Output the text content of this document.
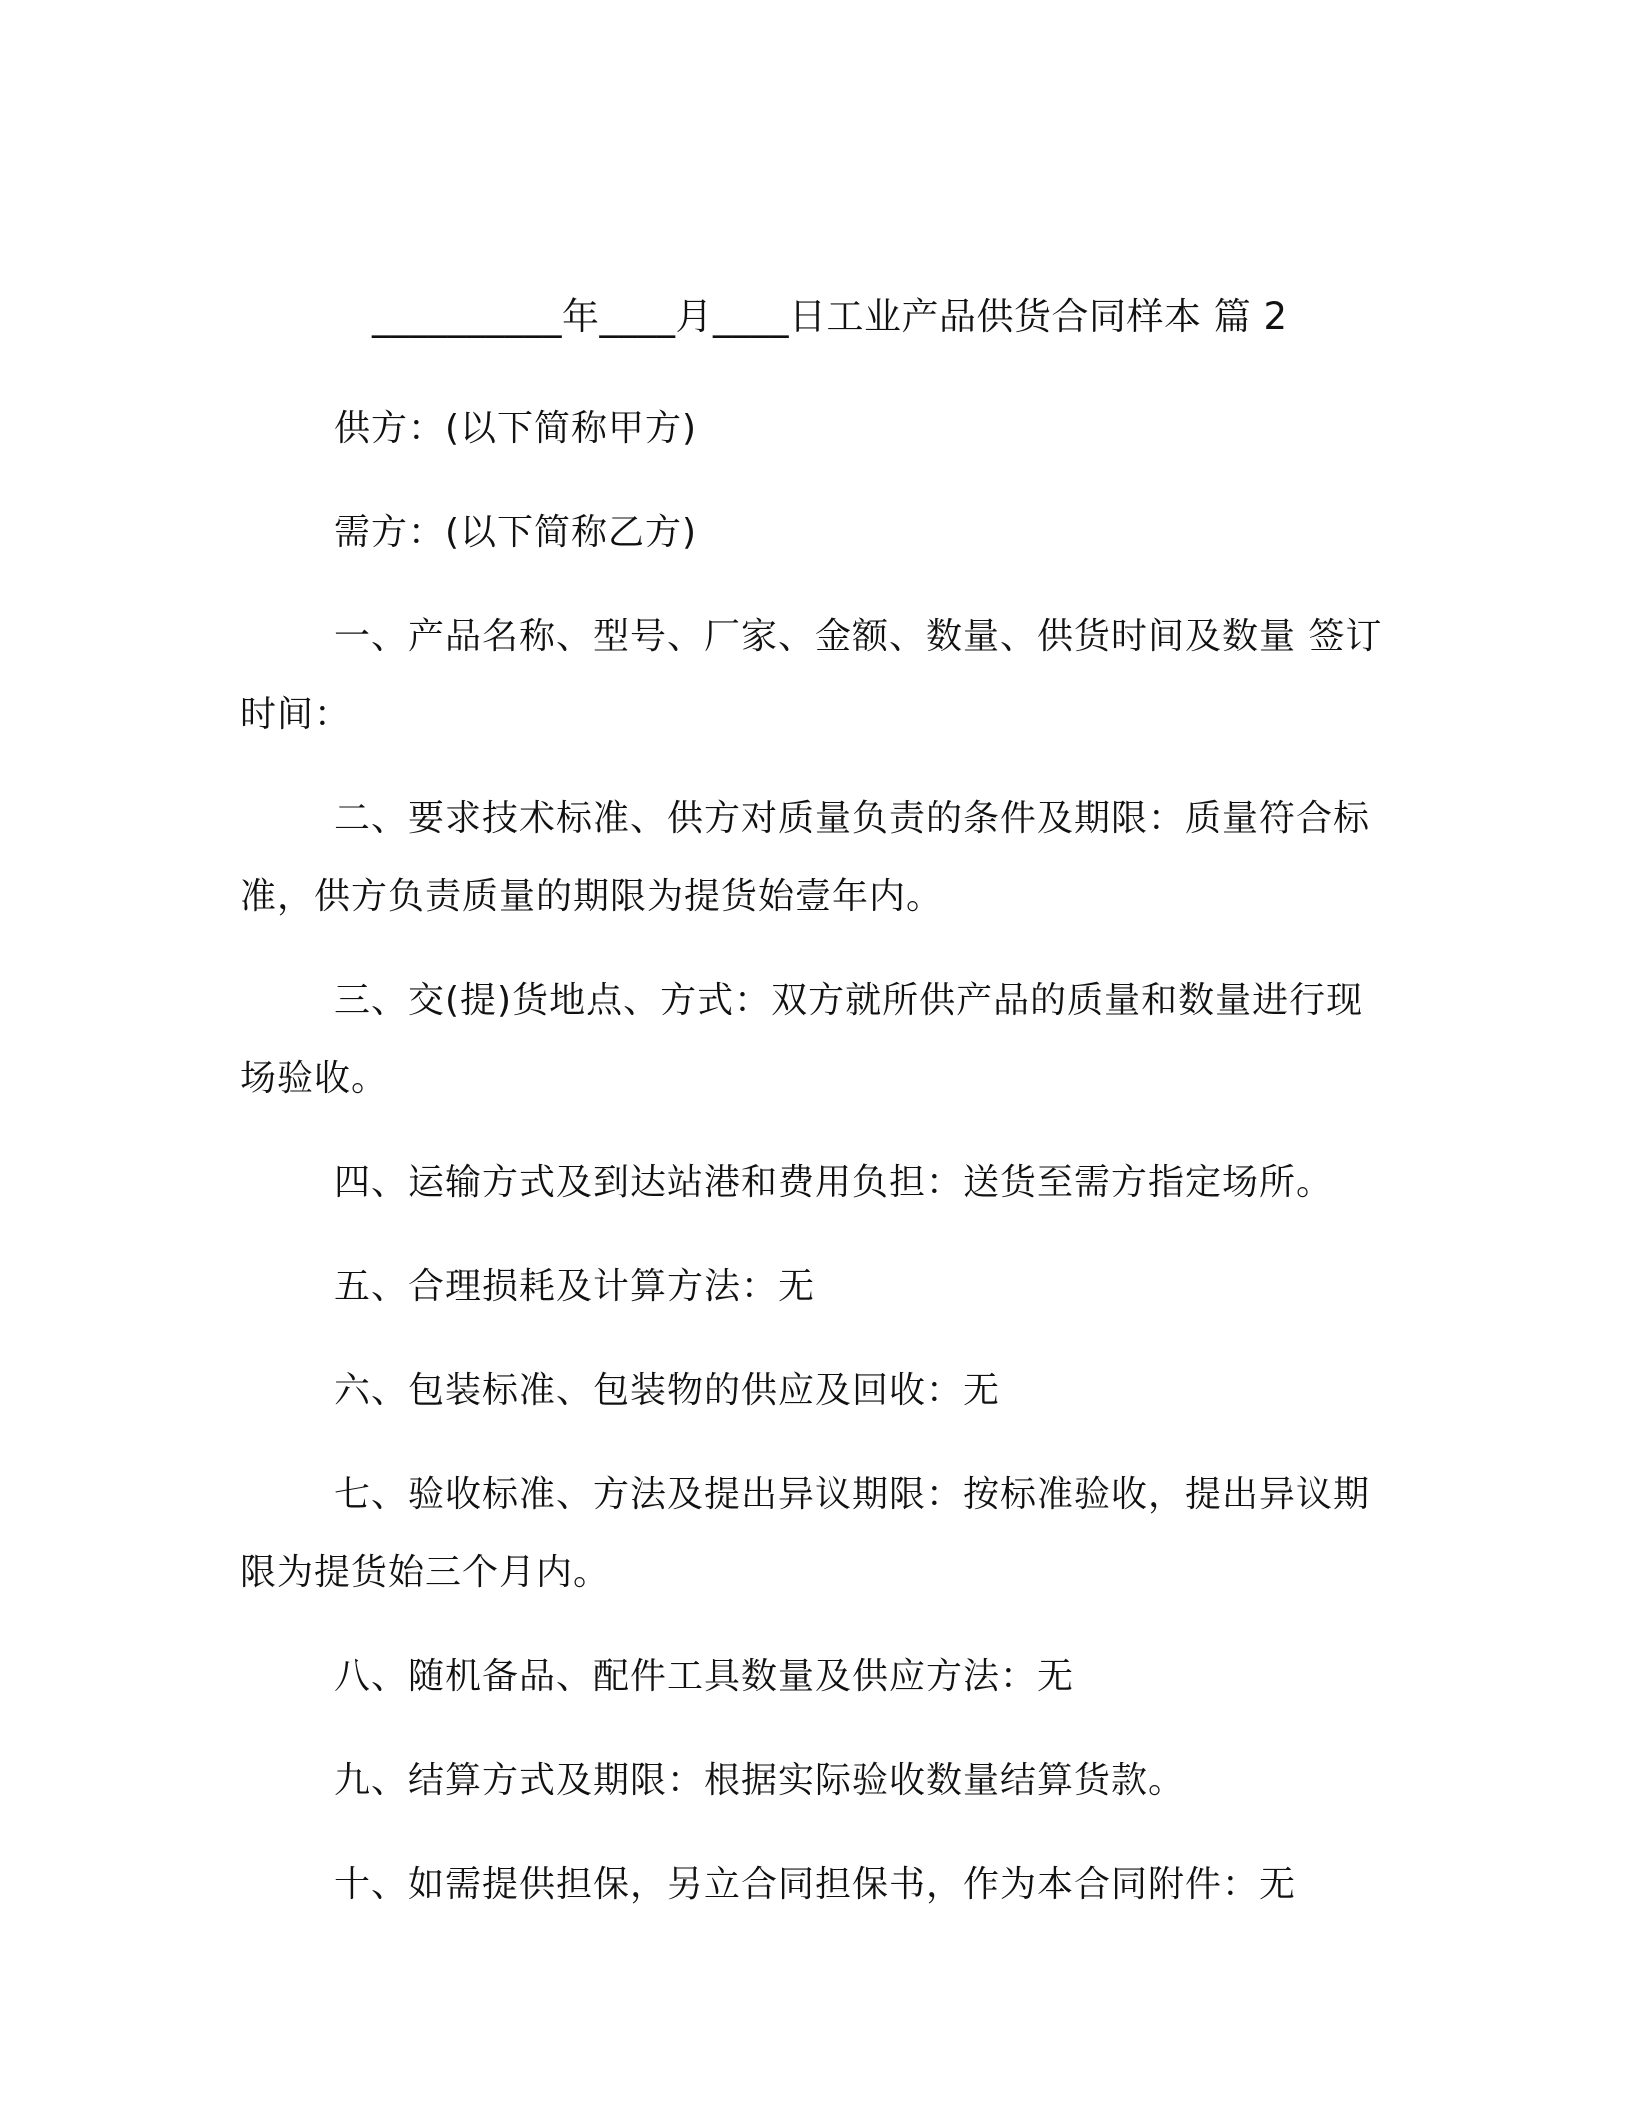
__________年____月____日工业产品供货合同样本 篇 2

供方：(以下简称甲方)

需方：(以下简称乙方)

一、产品名称、型号、厂家、金额、数量、供货时间及数量 签订时间：

二、要求技术标准、供方对质量负责的条件及期限：质量符合标准，供方负责质量的期限为提货始壹年内。

三、交(提)货地点、方式：双方就所供产品的质量和数量进行现场验收。

四、运输方式及到达站港和费用负担：送货至需方指定场所。

五、合理损耗及计算方法：无

六、包装标准、包装物的供应及回收：无

七、验收标准、方法及提出异议期限：按标准验收，提出异议期限为提货始三个月内。

八、随机备品、配件工具数量及供应方法：无

九、结算方式及期限：根据实际验收数量结算货款。

十、如需提供担保，另立合同担保书，作为本合同附件：无
